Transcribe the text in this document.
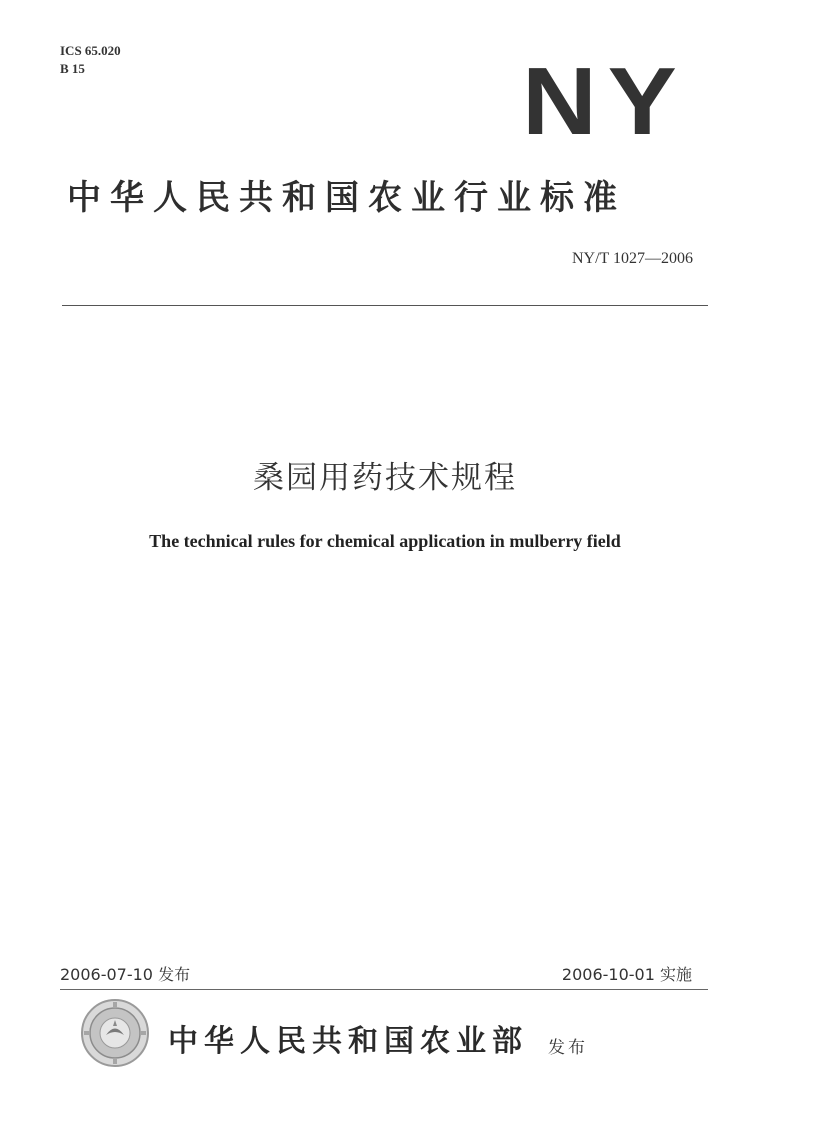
ICS 65.020
B 15	NY
中华人民共和国农业行业标准
NY/T 1027—2006
桑园用药技术规程
The technical rules for chemical application in mulberry field
2006-07-10 发布	2006-10-01 实施
中华人民共和国农业部 发布
